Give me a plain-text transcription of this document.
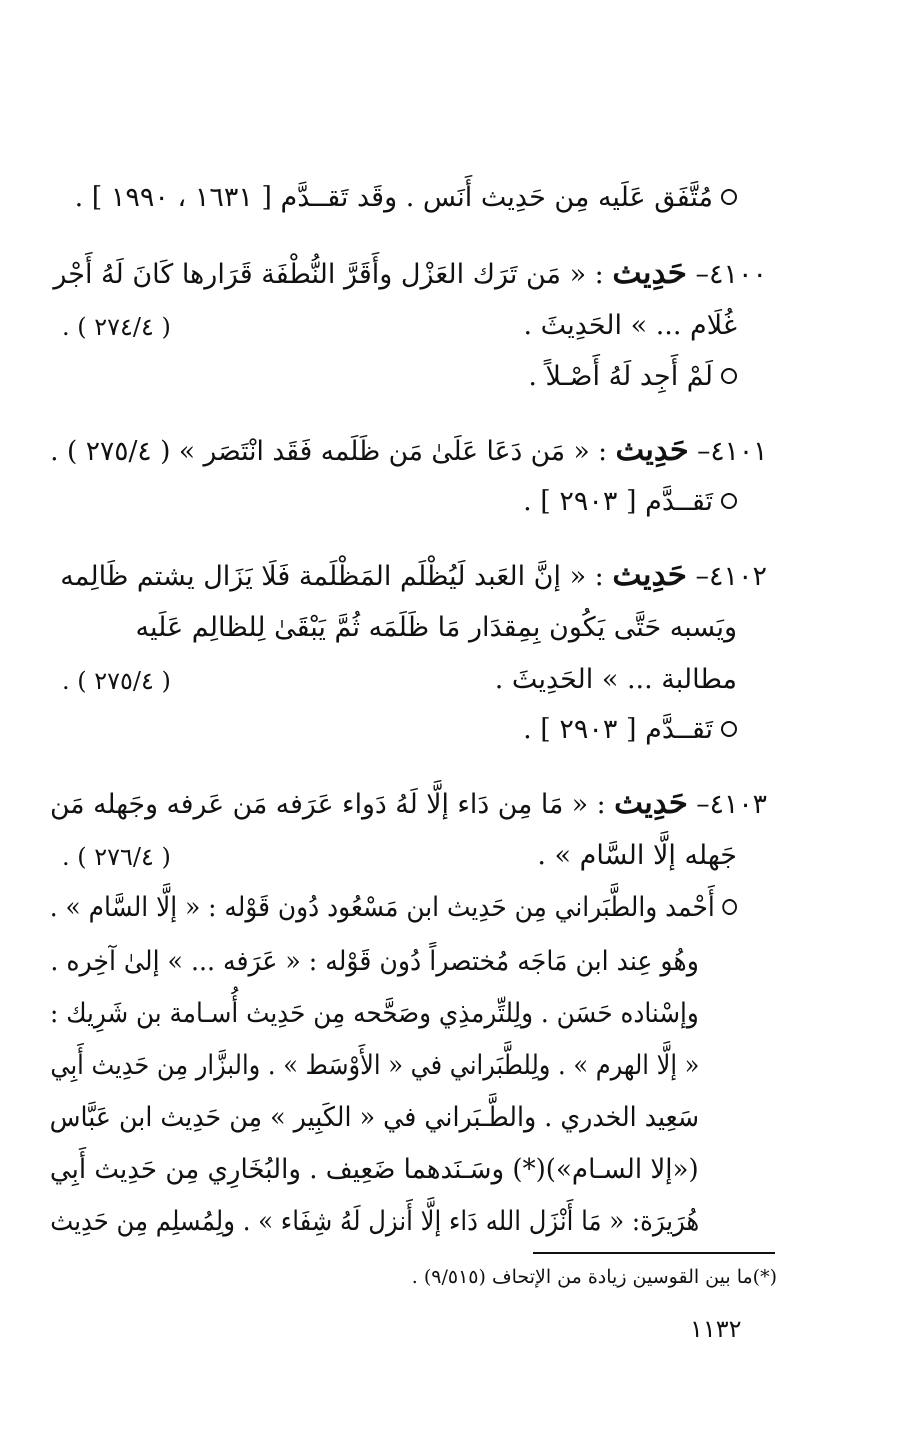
مُتَّفَق عَلَيه مِن حَدِيث أَنَس . وقَد تَقــدَّم [ ١٦٣١ ، ١٩٩٠ ] .
٤١٠٠– حَدِيث : « مَن تَرَك العَزْل وأَقَرَّ النُّطْفَة قَرَارها كَانَ لَهُ أَجْر
غُلَام ... » الحَدِيثَ .
( ٢٧٤/٤ ) .
لَمْ أَجِد لَهُ أَصْـلاً .
٤١٠١– حَدِيث : « مَن دَعَا عَلَىٰ مَن ظَلَمه فَقَد انْتَصَر » ( ٢٧٥/٤ ) .
تَقــدَّم [ ٢٩٠٣ ] .
٤١٠٢– حَدِيث : « إنَّ العَبد لَيُظْلَم المَظْلَمة فَلَا يَزَال يشتم ظَالِمه
ويَسبه حَتَّى يَكُون بِمِقدَار مَا ظَلَمَه ثُمَّ يَبْقَىٰ لِلظالِم عَلَيه
مطالبة ... » الحَدِيثَ .
( ٢٧٥/٤ ) .
تَقــدَّم [ ٢٩٠٣ ] .
٤١٠٣– حَدِيث : « مَا مِن دَاء إلَّا لَهُ دَواء عَرَفه مَن عَرفه وجَهله مَن
جَهله إلَّا السَّام » .
( ٢٧٦/٤ ) .
أَحْمد والطَّبَراني مِن حَدِيث ابن مَسْعُود دُون قَوْله : « إلَّا السَّام » .
وهُو عِند ابن مَاجَه مُختصراً دُون قَوْله : « عَرَفه ... » إلىٰ آخِره .
وإسْناده حَسَن . ولِلتِّرمذِي وصَحَّحه مِن حَدِيث أُسـامة بن شَرِيك :
« إلَّا الهرم » . ولِلطَّبَراني في « الأَوْسَط » . والبزَّار مِن حَدِيث أَبِي
سَعِيد الخدري . والطَّـبَراني في « الكَبِير » مِن حَدِيث ابن عَبَّاس
(«إلا السـام»)(*) وسَـنَدهما ضَعِيف . والبُخَارِي مِن حَدِيث أَبِي
هُرَيرَة: « مَا أَنْزَل الله دَاء إلَّا أَنزل لَهُ شِفَاء » . ولِمُسلِم مِن حَدِيث
(*)ما بين القوسين زيادة من الإتحاف (٩/٥١٥) .
١١٣٢
